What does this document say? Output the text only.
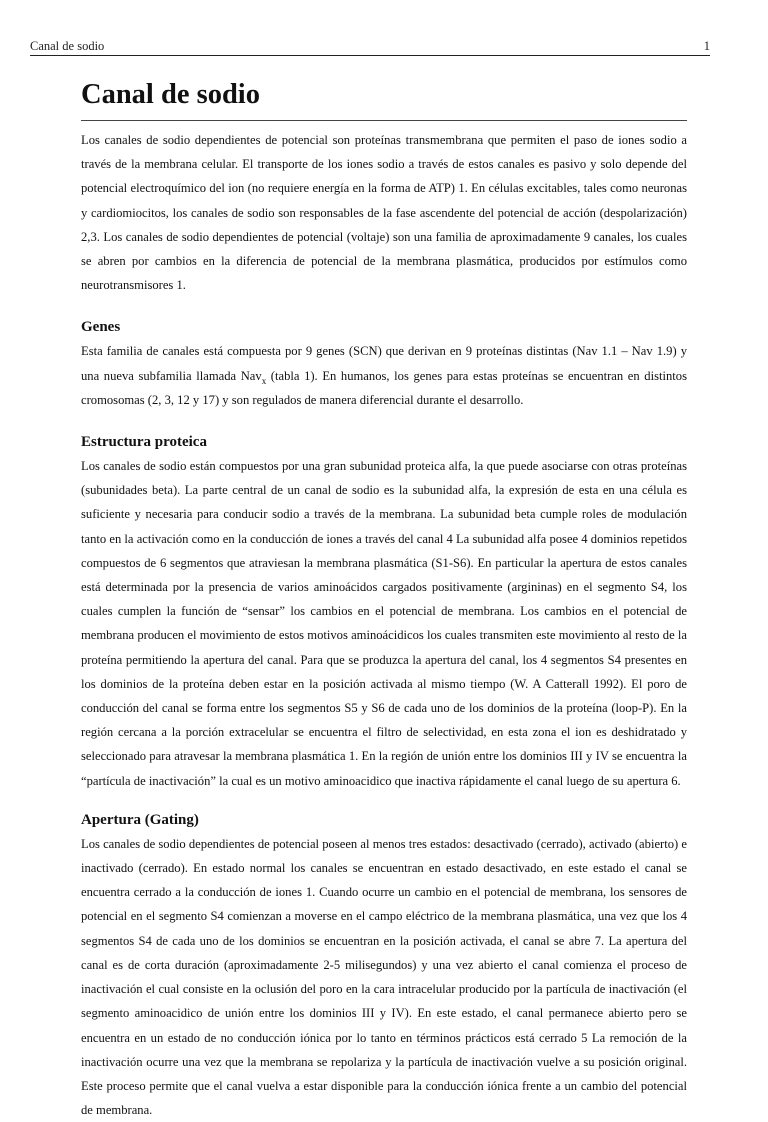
Canal de sodio	1
Canal de sodio

Los canales de sodio dependientes de potencial son proteínas transmembrana que permiten el paso de iones sodio a través de la membrana celular. El transporte de los iones sodio a través de estos canales es pasivo y solo depende del potencial electroquímico del ion (no requiere energía en la forma de ATP) 1. En células excitables, tales como neuronas y cardiomiocitos, los canales de sodio son responsables de la fase ascendente del potencial de acción (despolarización) 2,3. Los canales de sodio dependientes de potencial (voltaje) son una familia de aproximadamente 9 canales, los cuales se abren por cambios en la diferencia de potencial de la membrana plasmática, producidos por estímulos como neurotransmisores 1.

Genes

Esta familia de canales está compuesta por 9 genes (SCN) que derivan en 9 proteínas distintas (Nav 1.1 – Nav 1.9) y una nueva subfamilia llamada Nav$_x$ (tabla 1). En humanos, los genes para estas proteínas se encuentran en distintos cromosomas (2, 3, 12 y 17) y son regulados de manera diferencial durante el desarrollo.

Estructura proteica

Los canales de sodio están compuestos por una gran subunidad proteica alfa, la que puede asociarse con otras proteínas (subunidades beta). La parte central de un canal de sodio es la subunidad alfa, la expresión de esta en una célula es suficiente y necesaria para conducir sodio a través de la membrana. La subunidad beta cumple roles de modulación tanto en la activación como en la conducción de iones a través del canal 4 La subunidad alfa posee 4 dominios repetidos compuestos de 6 segmentos que atraviesan la membrana plasmática (S1-S6). En particular la apertura de estos canales está determinada por la presencia de varios aminoácidos cargados positivamente (argininas) en el segmento S4, los cuales cumplen la función de “sensar” los cambios en el potencial de membrana. Los cambios en el potencial de membrana producen el movimiento de estos motivos aminoácidicos los cuales transmiten este movimiento al resto de la proteína permitiendo la apertura del canal. Para que se produzca la apertura del canal, los 4 segmentos S4 presentes en los dominios de la proteína deben estar en la posición activada al mismo tiempo (W. A Catterall 1992). El poro de conducción del canal se forma entre los segmentos S5 y S6 de cada uno de los dominios de la proteína (loop-P). En la región cercana a la porción extracelular se encuentra el filtro de selectividad, en esta zona el ion es deshidratado y seleccionado para atravesar la membrana plasmática 1. En la región de unión entre los dominios III y IV se encuentra la “partícula de inactivación” la cual es un motivo aminoacidico que inactiva rápidamente el canal luego de su apertura 6.

Apertura (Gating)

Los canales de sodio dependientes de potencial poseen al menos tres estados: desactivado (cerrado), activado (abierto) e inactivado (cerrado). En estado normal los canales se encuentran en estado desactivado, en este estado el canal se encuentra cerrado a la conducción de iones 1. Cuando ocurre un cambio en el potencial de membrana, los sensores de potencial en el segmento S4 comienzan a moverse en el campo eléctrico de la membrana plasmática, una vez que los 4 segmentos S4 de cada uno de los dominios se encuentran en la posición activada, el canal se abre 7. La apertura del canal es de corta duración (aproximadamente 2-5 milisegundos) y una vez abierto el canal comienza el proceso de inactivación el cual consiste en la oclusión del poro en la cara intracelular producido por la partícula de inactivación (el segmento aminoacidico de unión entre los dominios III y IV). En este estado, el canal permanece abierto pero se encuentra en un estado de no conducción iónica por lo tanto en términos prácticos está cerrado 5 La remoción de la inactivación ocurre una vez que la membrana se repolariza y la partícula de inactivación vuelve a su posición original. Este proceso permite que el canal vuelva a estar disponible para la conducción iónica frente a un cambio del potencial de membrana.
